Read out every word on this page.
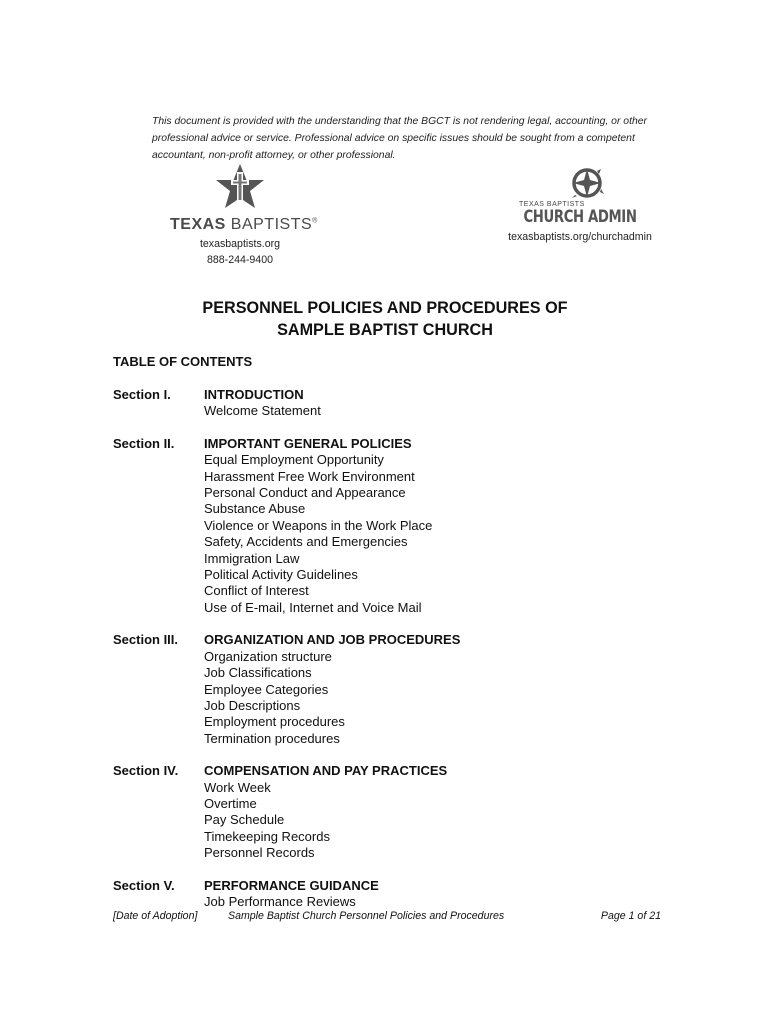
This document is provided with the understanding that the BGCT is not rendering legal, accounting, or other professional advice or service. Professional advice on specific issues should be sought from a competent accountant, non-profit attorney, or other professional.
TEXAS BAPTISTS®
texasbaptists.org
888-244-9400
TEXAS BAPTISTS
CHURCH ADMIN
texasbaptists.org/churchadmin
PERSONNEL POLICIES AND PROCEDURES OF
SAMPLE BAPTIST CHURCH
TABLE OF CONTENTS
Section I.	INTRODUCTION
Welcome Statement
Section II.	IMPORTANT GENERAL POLICIES
Equal Employment Opportunity
Harassment Free Work Environment
Personal Conduct and Appearance
Substance Abuse
Violence or Weapons in the Work Place
Safety, Accidents and Emergencies
Immigration Law
Political Activity Guidelines
Conflict of Interest
Use of E-mail, Internet and Voice Mail
Section III.	ORGANIZATION AND JOB PROCEDURES
Organization structure
Job Classifications
Employee Categories
Job Descriptions
Employment procedures
Termination procedures
Section IV.	COMPENSATION AND PAY PRACTICES
Work Week
Overtime
Pay Schedule
Timekeeping Records
Personnel Records
Section V.	PERFORMANCE GUIDANCE
Job Performance Reviews
[Date of Adoption]	Sample Baptist Church Personnel Policies and Procedures	Page 1 of 21
